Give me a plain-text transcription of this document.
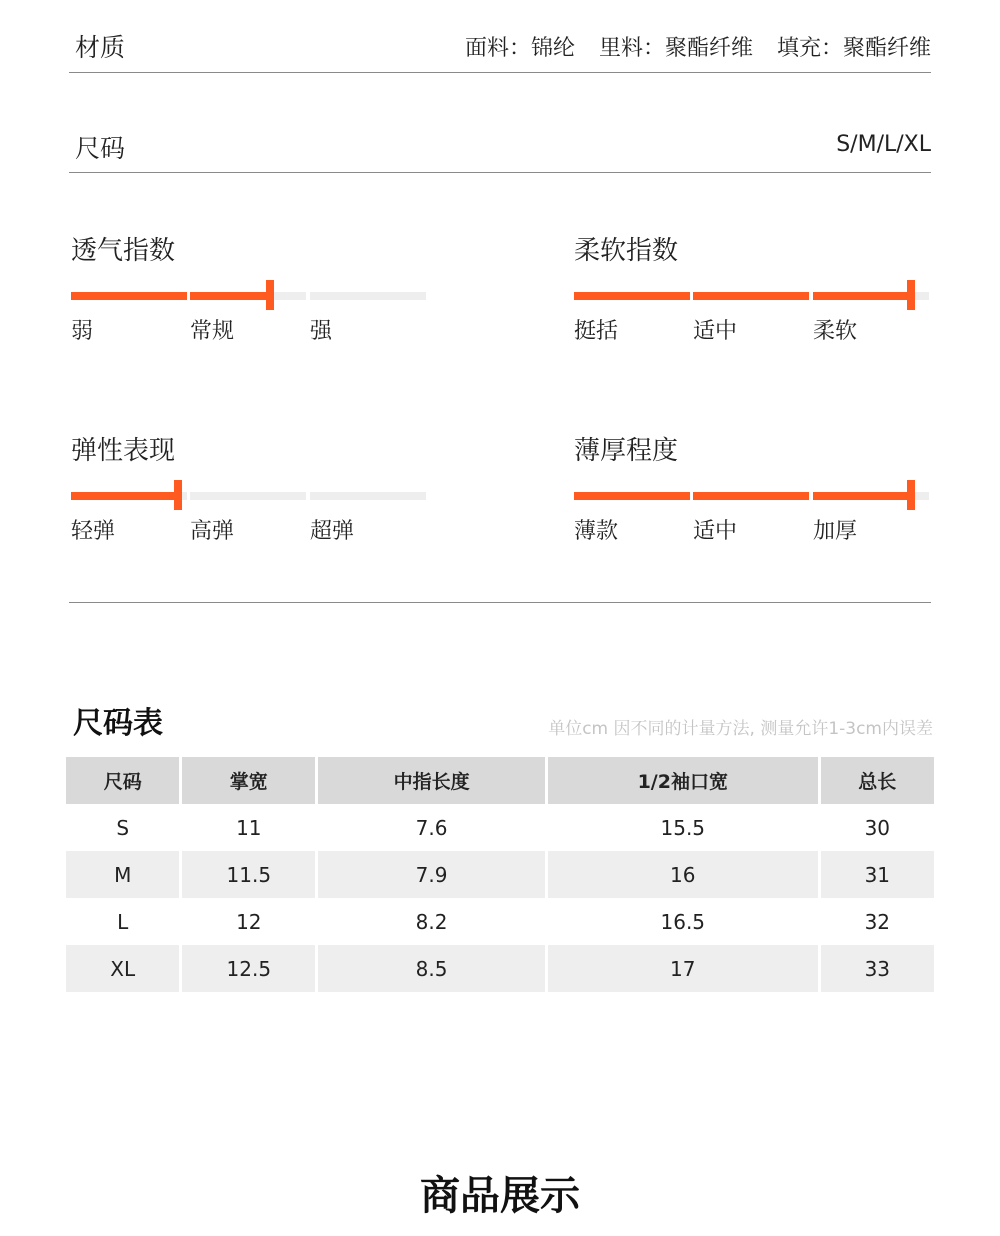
材质	面料：锦纶 里料：聚酯纤维 填充：聚酯纤维
尺码	S/M/L/XL
透气指数
弱	常规	强
柔软指数
挺括	适中	柔软
弹性表现
轻弹	高弹	超弹
薄厚程度
薄款	适中	加厚
尺码表	单位cm 因不同的计量方法, 测量允许1-3cm内误差
尺码	掌宽	中指长度	1/2袖口宽	总长
S	11	7.6	15.5	30
M	11.5	7.9	16	31
L	12	8.2	16.5	32
XL	12.5	8.5	17	33
商品展示
